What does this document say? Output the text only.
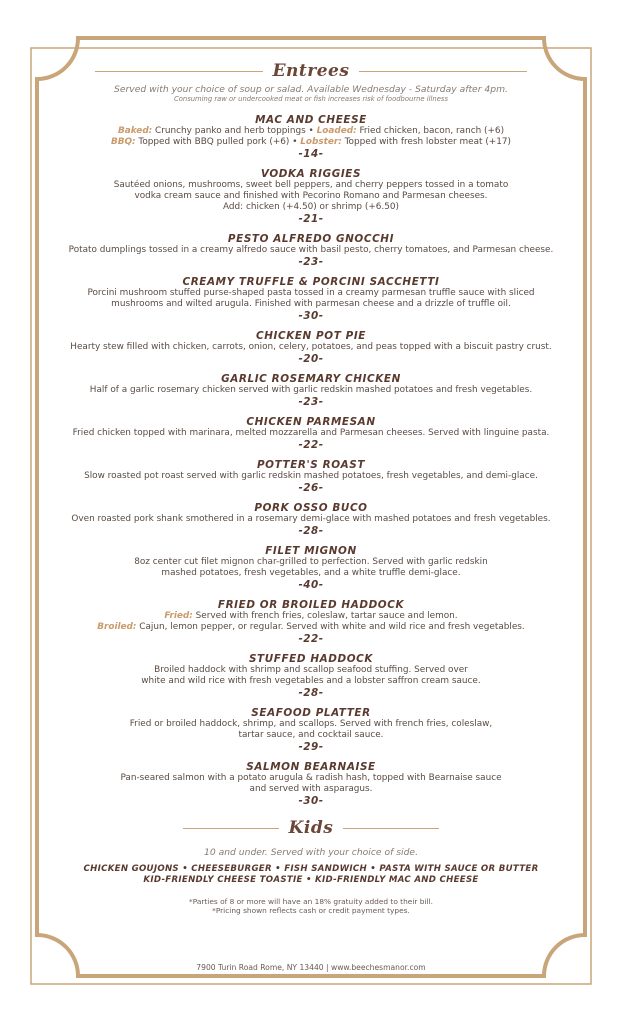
Entrees
Served with your choice of soup or salad. Available Wednesday - Saturday after 4pm.
Consuming raw or undercooked meat or fish increases risk of foodbourne illness
MAC AND CHEESE
Baked: Crunchy panko and herb toppings • Loaded: Fried chicken, bacon, ranch (+6)
BBQ: Topped with BBQ pulled pork (+6) • Lobster: Topped with fresh lobster meat (+17)
-14-
VODKA RIGGIES
Sautéed onions, mushrooms, sweet bell peppers, and cherry peppers tossed in a tomato
vodka cream sauce and finished with Pecorino Romano and Parmesan cheeses.
Add: chicken (+4.50) or shrimp (+6.50)
-21-
PESTO ALFREDO GNOCCHI
Potato dumplings tossed in a creamy alfredo sauce with basil pesto, cherry tomatoes, and Parmesan cheese.
-23-
CREAMY TRUFFLE & PORCINI SACCHETTI
Porcini mushroom stuffed purse-shaped pasta tossed in a creamy parmesan truffle sauce with sliced
mushrooms and wilted arugula. Finished with parmesan cheese and a drizzle of truffle oil.
-30-
CHICKEN POT PIE
Hearty stew filled with chicken, carrots, onion, celery, potatoes, and peas topped with a biscuit pastry crust.
-20-
GARLIC ROSEMARY CHICKEN
Half of a garlic rosemary chicken served with garlic redskin mashed potatoes and fresh vegetables.
-23-
CHICKEN PARMESAN
Fried chicken topped with marinara, melted mozzarella and Parmesan cheeses. Served with linguine pasta.
-22-
POTTER'S ROAST
Slow roasted pot roast served with garlic redskin mashed potatoes, fresh vegetables, and demi-glace.
-26-
PORK OSSO BUCO
Oven roasted pork shank smothered in a rosemary demi-glace with mashed potatoes and fresh vegetables.
-28-
FILET MIGNON
8oz center cut filet mignon char-grilled to perfection. Served with garlic redskin
mashed potatoes, fresh vegetables, and a white truffle demi-glace.
-40-
FRIED OR BROILED HADDOCK
Fried: Served with french fries, coleslaw, tartar sauce and lemon.
Broiled: Cajun, lemon pepper, or regular. Served with white and wild rice and fresh vegetables.
-22-
STUFFED HADDOCK
Broiled haddock with shrimp and scallop seafood stuffing. Served over
white and wild rice with fresh vegetables and a lobster saffron cream sauce.
-28-
SEAFOOD PLATTER
Fried or broiled haddock, shrimp, and scallops. Served with french fries, coleslaw,
tartar sauce, and cocktail sauce.
-29-
SALMON BEARNAISE
Pan-seared salmon with a potato arugula & radish hash, topped with Bearnaise sauce
and served with asparagus.
-30-
Kids
10 and under. Served with your choice of side.
CHICKEN GOUJONS • CHEESEBURGER • FISH SANDWICH • PASTA WITH SAUCE OR BUTTER
KID-FRIENDLY CHEESE TOASTIE • KID-FRIENDLY MAC AND CHEESE
*Parties of 8 or more will have an 18% gratuity added to their bill.
*Pricing shown reflects cash or credit payment types.
7900 Turin Road Rome, NY 13440 | www.beechesmanor.com
